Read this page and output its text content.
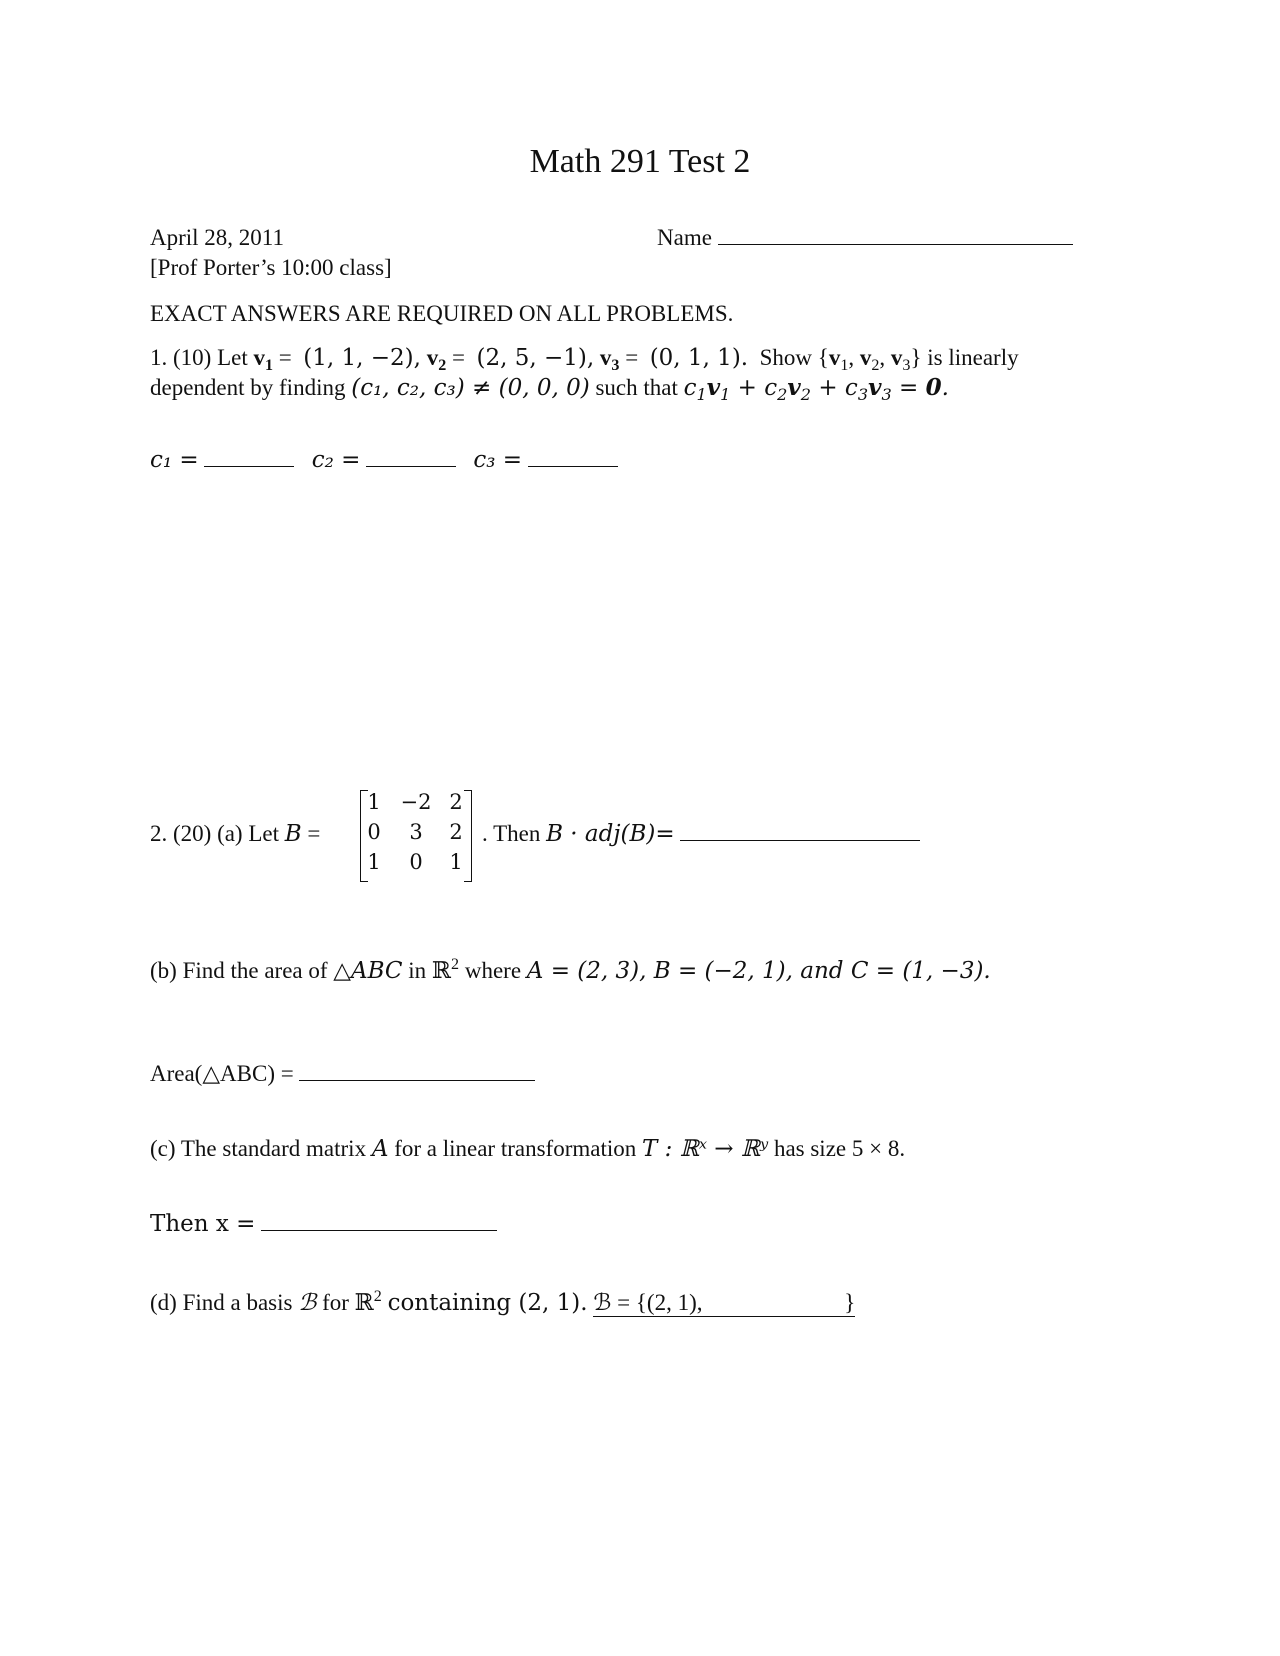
Math 291 Test 2
April 28, 2011
[Prof Porter’s 10:00 class]
Name
EXACT ANSWERS ARE REQUIRED ON ALL PROBLEMS.
1. (10) Let $v_1 = (1$, 1, −2), $v_2 = (2$, 5, −1), $v_3 = (0$, 1, 1). Show {$v_1$, $v_2$, $v_3$} is linearly
dependent by finding (c₁, c₂, c₃) ≠ (0, 0, 0) such that $c_1v_1 + c_2v_2 + c_3v_3 = 0$.
c₁ =	c₂ =	c₃ =
2. (20) (a) Let B =
1 −2 2
0	3	2
1	0	1
. Then B · adj(B)=
(b) Find the area of △ABC in ℝ$^2$ where A = (2, 3), B = (−2, 1), and C = (1, −3).
Area(△ABC) =
(c) The standard matrix A for a linear transformation T : ℝˣ → ℝʸ has size 5 × 8.
Then x =
(d) Find a basis ℬ for ℝ$^2$ containing (2, 1). ℬ = {(2, 1),	}
